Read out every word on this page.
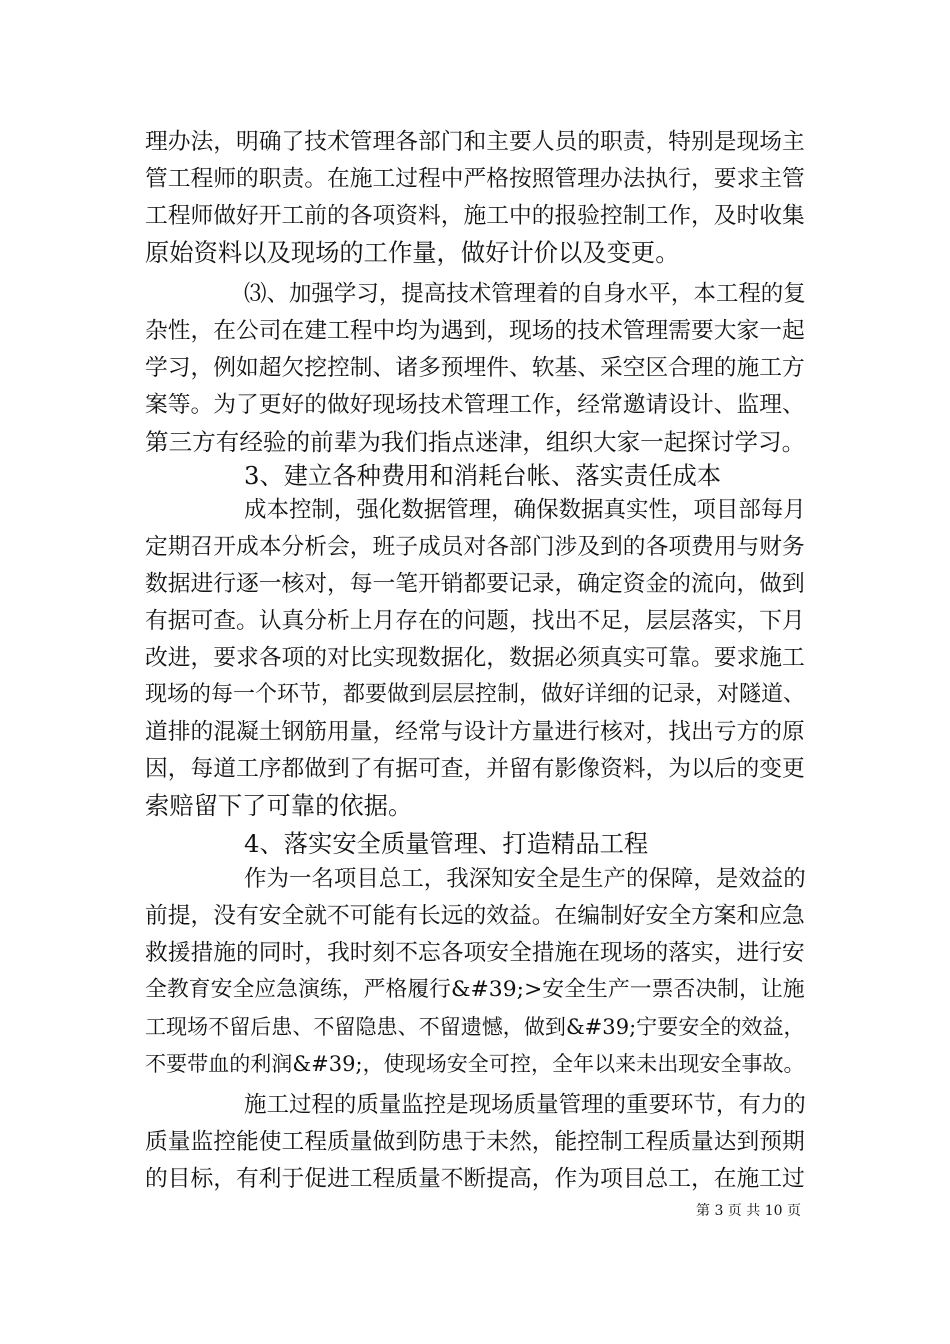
理办法，明确了技术管理各部门和主要人员的职责，特别是现场主
管工程师的职责。在施工过程中严格按照管理办法执行，要求主管
工程师做好开工前的各项资料，施工中的报验控制工作，及时收集
原始资料以及现场的工作量，做好计价以及变更。
⑶、加强学习，提高技术管理着的自身水平，本工程的复
杂性，在公司在建工程中均为遇到，现场的技术管理需要大家一起
学习，例如超欠挖控制、诸多预埋件、软基、采空区合理的施工方
案等。为了更好的做好现场技术管理工作，经常邀请设计、监理、
第三方有经验的前辈为我们指点迷津，组织大家一起探讨学习。
3、建立各种费用和消耗台帐、落实责任成本
成本控制，强化数据管理，确保数据真实性，项目部每月
定期召开成本分析会，班子成员对各部门涉及到的各项费用与财务
数据进行逐一核对，每一笔开销都要记录，确定资金的流向，做到
有据可查。认真分析上月存在的问题，找出不足，层层落实，下月
改进，要求各项的对比实现数据化，数据必须真实可靠。要求施工
现场的每一个环节，都要做到层层控制，做好详细的记录，对隧道、
道排的混凝土钢筋用量，经常与设计方量进行核对，找出亏方的原
因，每道工序都做到了有据可查，并留有影像资料，为以后的变更
索赔留下了可靠的依据。
4、落实安全质量管理、打造精品工程
作为一名项目总工，我深知安全是生产的保障，是效益的
前提，没有安全就不可能有长远的效益。在编制好安全方案和应急
救援措施的同时，我时刻不忘各项安全措施在现场的落实，进行安
全教育安全应急演练，严格履行&#39;>安全生产一票否决制，让施
工现场不留后患、不留隐患、不留遗憾，做到&#39;宁要安全的效益，
不要带血的利润&#39;，使现场安全可控，全年以来未出现安全事故。
施工过程的质量监控是现场质量管理的重要环节，有力的
质量监控能使工程质量做到防患于未然，能控制工程质量达到预期
的目标，有利于促进工程质量不断提高，作为项目总工，在施工过
第 3 页 共 10 页
